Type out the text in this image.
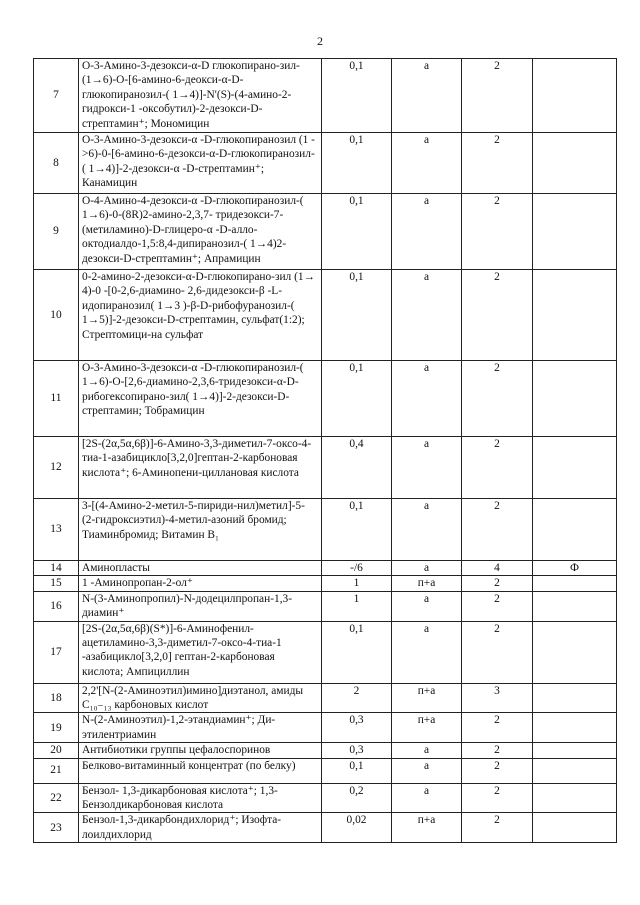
2
7	О-3-Амино-3-дезокси-α-D глюкопирано-зил-(1→6)-О-[6-амино-6-деокси-α-D-глюкопиранозил-( 1→4)]-N'(S)-(4-амино-2-гидрокси-1 -оксобутил)-2-дезокси-D-стрептамин⁺; Мономицин	0,1	а	2	
8	О-3-Амино-3-дезокси-α -D-глюкопиранозил (1 ->6)-0-[6-амино-6-дезокси-α-D-глюкопиранозил-( 1→4)]-2-дезокси-α -D-стрептамин⁺; Канамицин	0,1	а	2	
9	О-4-Амино-4-дезокси-α -D-глюкопиранозил-( 1→6)-0-(8R)2-амино-2,3,7- тридезокси-7-(метиламино)-D-глицеро-α -D-алло-октодиалдо-1,5:8,4-дипиранозил-( 1→4)2-дезокси-D-стрептамин⁺; Апрамицин	0,1	а	2	
10	0-2-амино-2-дезокси-α-D-глюкопирано-зил (1→ 4)-0 -[0-2,6-диамино- 2,6-дидезокси-β -L-идопиранозил( 1→3 )-β-D-рибофуранозил-( 1→5)]-2-дезокси-D-стрептамин, сульфат(1:2); Стрептомици-на сульфат	0,1	а	2	
11	О-3-Амино-3-дезокси-α -D-глюкопиранозил-( 1→6)-О-[2,6-диамино-2,3,6-тридезокси-α-D-рибогексопирано-зил( 1→4)]-2-дезокси-D-стрептамин; Тобрамицин	0,1	а	2	
12	[2S-(2α,5α,6β)]-6-Амино-3,3-диметил-7-оксо-4-тиа-1-азабицикло[3,2,0]гептан-2-карбоновая кислота⁺; 6-Аминопени-циллановая кислота	0,4	а	2	
13	3-[(4-Амино-2-метил-5-пириди-нил)метил]-5-(2-гидроксиэтил)-4-метил-азоний бромид; Тиаминбромид; Витамин B₁	0,1	а	2	
14	Аминопласты	-/6	а	4	Ф
15	1 -Аминопропан-2-ол⁺	1	п+а	2	
16	N-(3-Аминопропил)-N-додецилпропан-1,3-диамин⁺	1	а	2	
17	[2S-(2α,5α,6β)(S*)]-6-Аминофенил-ацетиламино-3,3-диметил-7-оксо-4-тиа-1 -азабицикло[3,2,0] гептан-2-карбоновая кислота; Ампициллин	0,1	а	2	
18	2,2'[N-(2-Аминоэтил)имино]диэтанол, амиды C₁₀₋₁₃ карбоновых кислот	2	п+а	3	
19	N-(2-Аминоэтил)-1,2-этандиамин⁺; Ди-этилентриамин	0,3	п+а	2	
20	Антибиотики группы цефалоспоринов	0,3	а	2	
21	Белково-витаминный концентрат (по белку)	0,1	а	2	
22	Бензол- 1,3-дикарбоновая кислота⁺; 1,3-Бензолдикарбоновая кислота	0,2	а	2	
23	Бензол-1,3-дикарбондихлорид⁺; Изофта-лоилдихлорид	0,02	п+а	2	
